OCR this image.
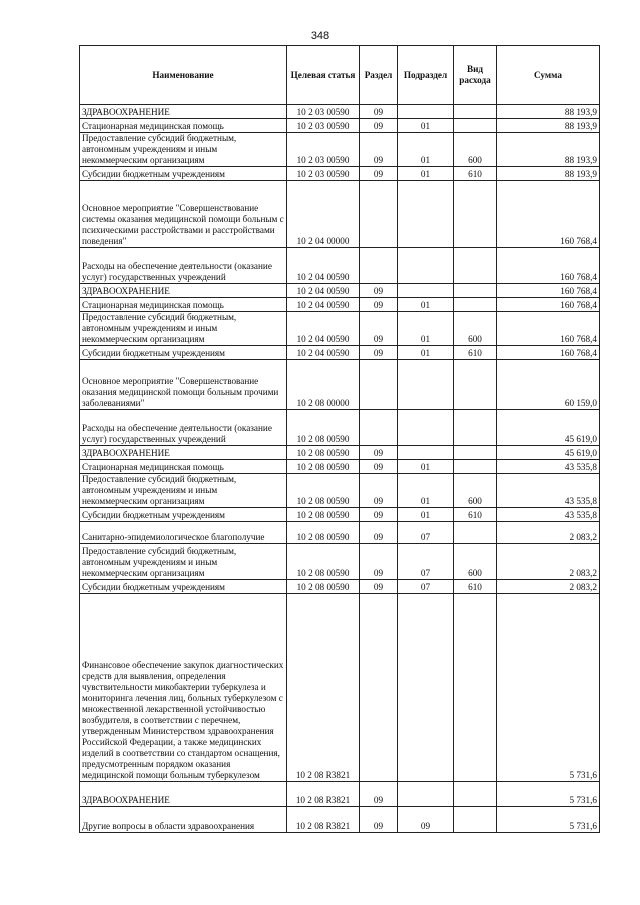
348
Наименование	Целевая статья	Раздел	Подраздел	Вид расхода	Сумма
ЗДРАВООХРАНЕНИЕ	10 2 03 00590	09			88 193,9
Стационарная медицинская помощь	10 2 03 00590	09	01		88 193,9
Предоставление субсидий бюджетным, автономным учреждениям и иным некоммерческим организациям	10 2 03 00590	09	01	600	88 193,9
Субсидии бюджетным учреждениям	10 2 03 00590	09	01	610	88 193,9
Основное мероприятие "Совершенствование системы оказания медицинской помощи больным с психическими расстройствами и расстройствами поведения"	10 2 04 00000				160 768,4
Расходы на обеспечение деятельности (оказание услуг) государственных учреждений	10 2 04 00590				160 768,4
ЗДРАВООХРАНЕНИЕ	10 2 04 00590	09			160 768,4
Стационарная медицинская помощь	10 2 04 00590	09	01		160 768,4
Предоставление субсидий бюджетным, автономным учреждениям и иным некоммерческим организациям	10 2 04 00590	09	01	600	160 768,4
Субсидии бюджетным учреждениям	10 2 04 00590	09	01	610	160 768,4
Основное мероприятие "Совершенствование оказания медицинской помощи больным прочими заболеваниями"	10 2 08 00000				60 159,0
Расходы на обеспечение деятельности (оказание услуг) государственных учреждений	10 2 08 00590				45 619,0
ЗДРАВООХРАНЕНИЕ	10 2 08 00590	09			45 619,0
Стационарная медицинская помощь	10 2 08 00590	09	01		43 535,8
Предоставление субсидий бюджетным, автономным учреждениям и иным некоммерческим организациям	10 2 08 00590	09	01	600	43 535,8
Субсидии бюджетным учреждениям	10 2 08 00590	09	01	610	43 535,8
Санитарно-эпидемиологическое благополучие	10 2 08 00590	09	07		2 083,2
Предоставление субсидий бюджетным, автономным учреждениям и иным некоммерческим организациям	10 2 08 00590	09	07	600	2 083,2
Субсидии бюджетным учреждениям	10 2 08 00590	09	07	610	2 083,2
Финансовое обеспечение закупок диагностических средств для выявления, определения чувствительности микобактерии туберкулеза и мониторинга лечения лиц, больных туберкулезом с множественной лекарственной устойчивостью возбудителя, в соответствии с перечнем, утвержденным Министерством здравоохранения Российской Федерации, а также медицинских изделий в соответствии со стандартом оснащения, предусмотренным порядком оказания медицинской помощи больным туберкулезом	10 2 08 R3821				5 731,6
ЗДРАВООХРАНЕНИЕ	10 2 08 R3821	09			5 731,6
Другие вопросы в области здравоохранения	10 2 08 R3821	09	09		5 731,6
